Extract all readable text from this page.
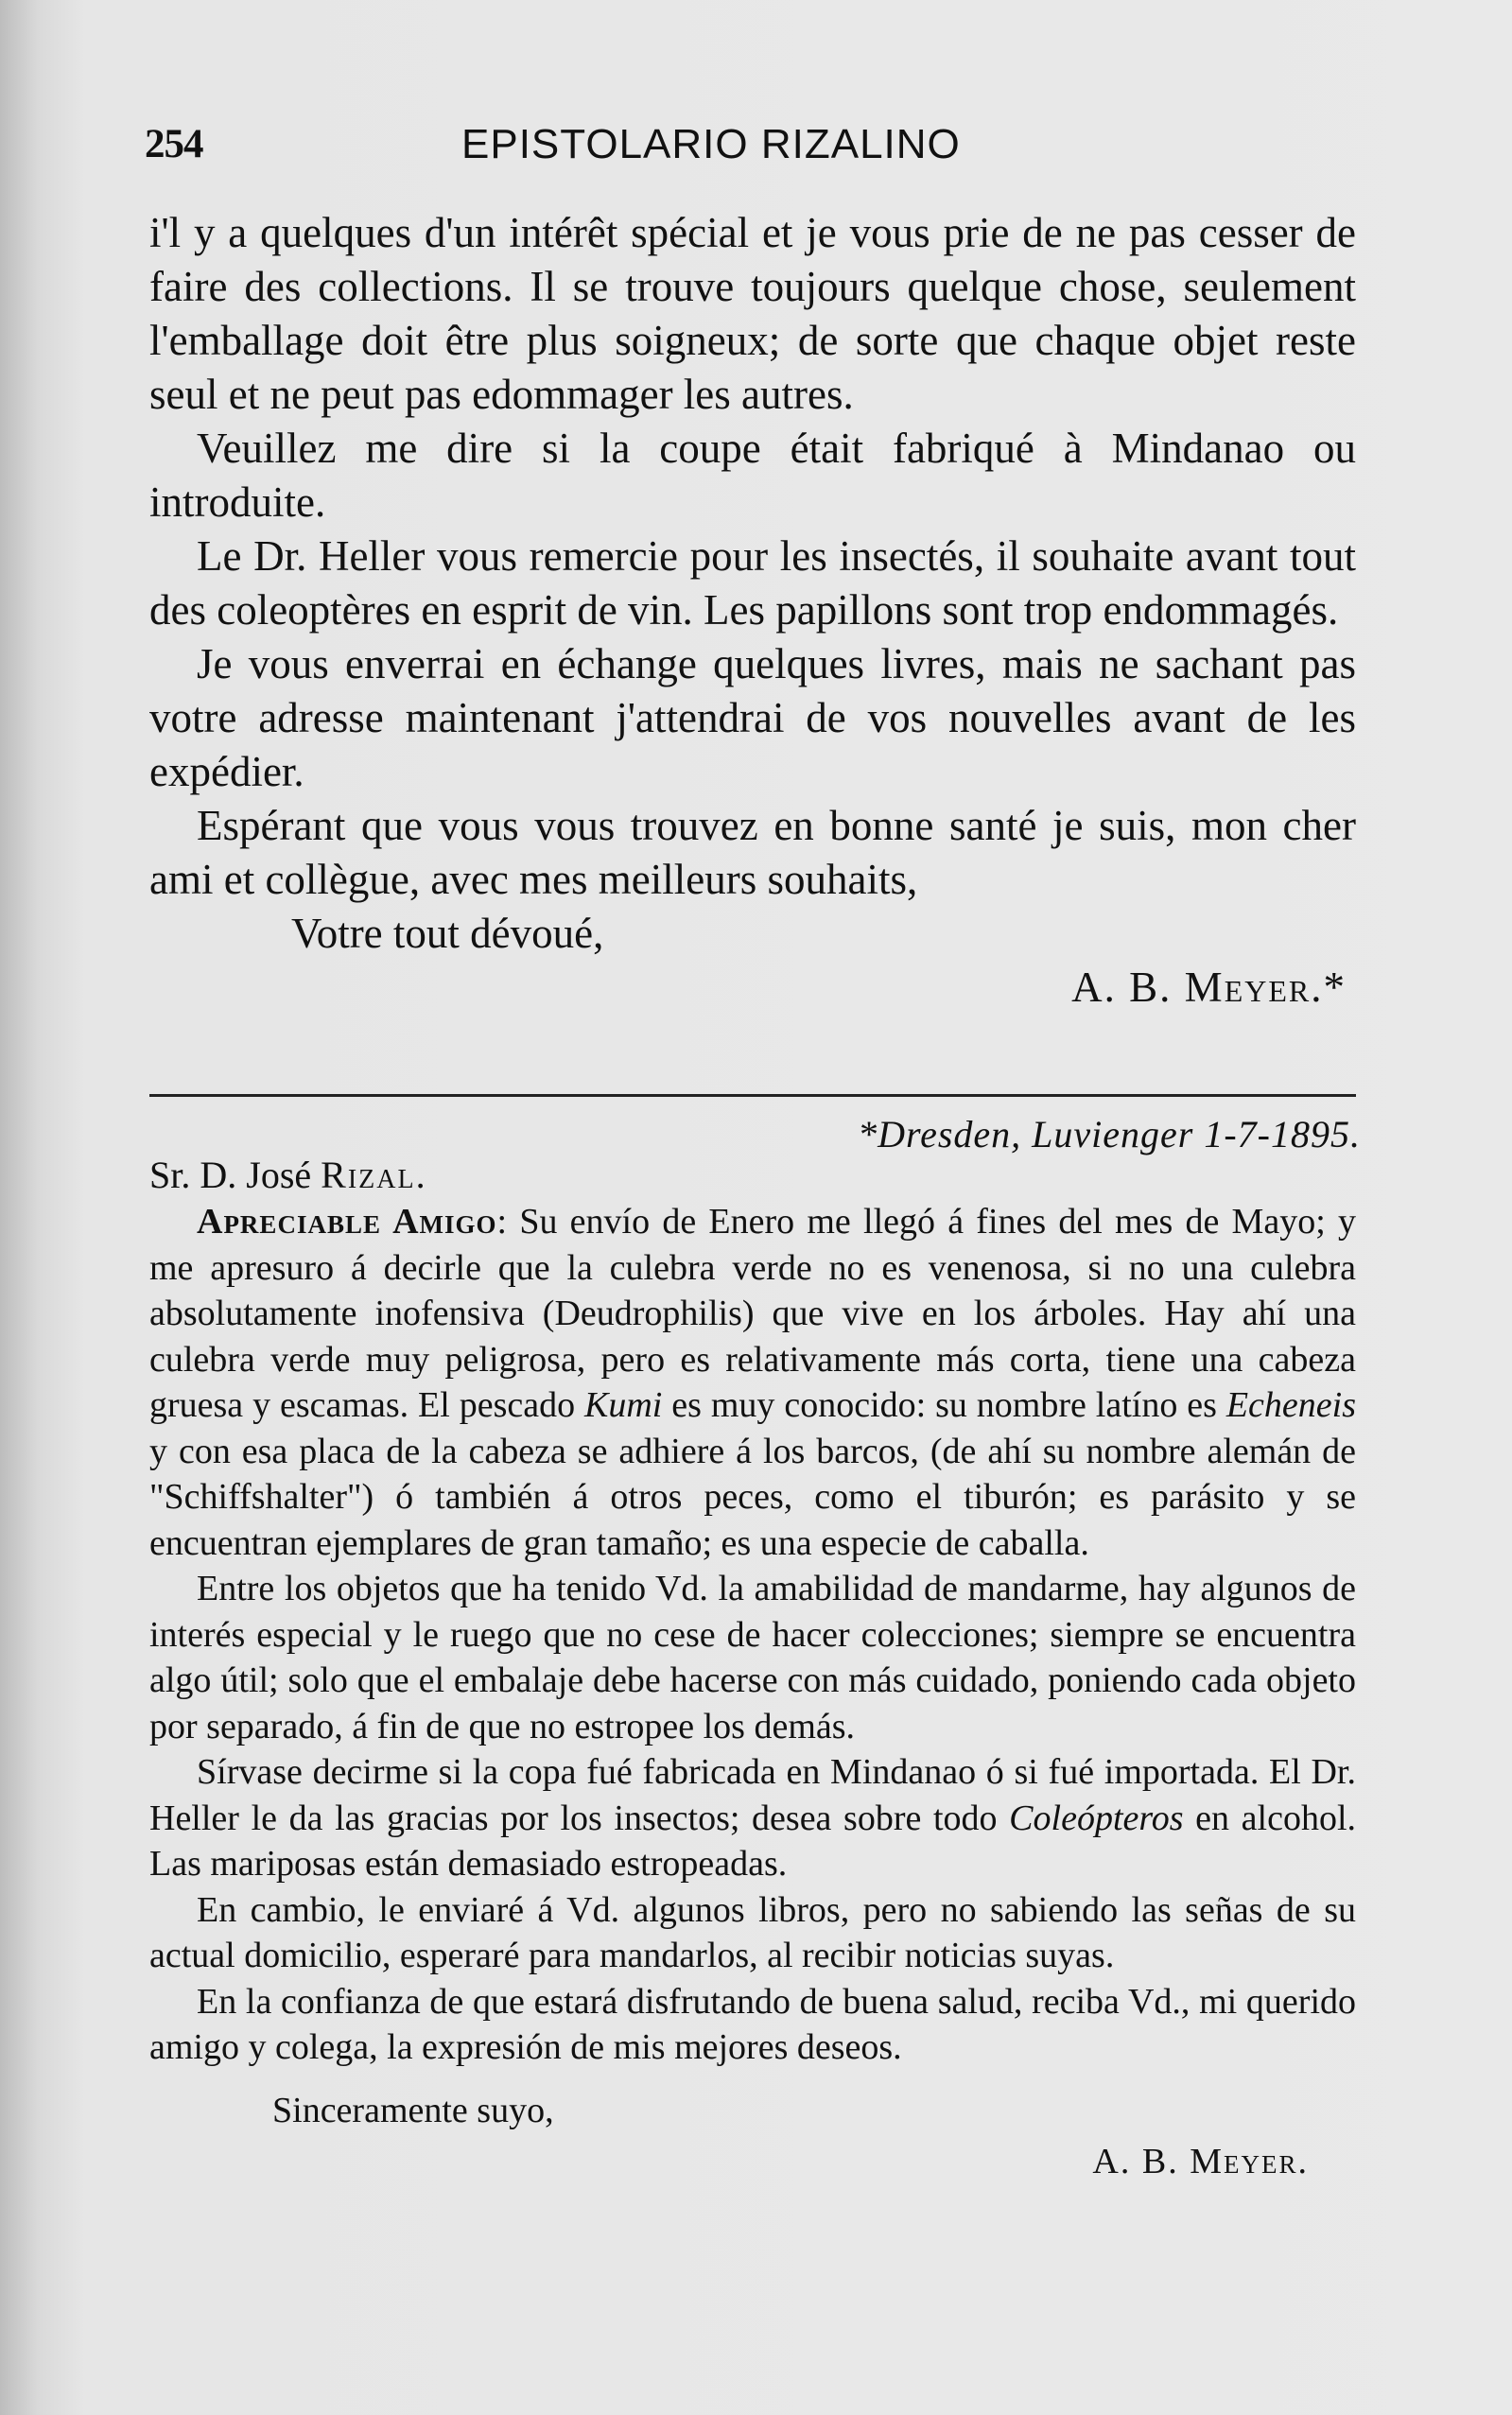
254	EPISTOLARIO RIZALINO

i'l y a quelques d'un intérêt spécial et je vous prie de ne pas cesser de faire des collections. Il se trouve toujours quelque chose, seulement l'emballage doit être plus soigneux; de sorte que chaque objet reste seul et ne peut pas edommager les autres.

Veuillez me dire si la coupe était fabriqué à Mindanao ou introduite.

Le Dr. Heller vous remercie pour les insectés, il souhaite avant tout des coleoptères en esprit de vin. Les papillons sont trop endommagés.

Je vous enverrai en échange quelques livres, mais ne sachant pas votre adresse maintenant j'attendrai de vos nouvelles avant de les expédier.

Espérant que vous vous trouvez en bonne santé je suis, mon cher ami et collègue, avec mes meilleurs souhaits,

Votre tout dévoué,
A. B. Meyer.*
*Dresden, Luvienger 1-7-1895.
Sr. D. José Rizal.

Apreciable Amigo: Su envío de Enero me llegó á fines del mes de Mayo; y me apresuro á decirle que la culebra verde no es venenosa, si no una culebra absolutamente inofensiva (Deudrophilis) que vive en los árboles. Hay ahí una culebra verde muy peligrosa, pero es relativamente más corta, tiene una cabeza gruesa y escamas. El pescado Kumi es muy conocido: su nombre latíno es Echeneis y con esa placa de la cabeza se adhiere á los barcos, (de ahí su nombre alemán de "Schiffshalter") ó también á otros peces, como el tiburón; es parásito y se encuentran ejemplares de gran tamaño; es una especie de caballa.

Entre los objetos que ha tenido Vd. la amabilidad de mandarme, hay algunos de interés especial y le ruego que no cese de hacer colecciones; siempre se encuentra algo útil; solo que el embalaje debe hacerse con más cuidado, poniendo cada objeto por separado, á fin de que no estropee los demás.

Sírvase decirme si la copa fué fabricada en Mindanao ó si fué importada. El Dr. Heller le da las gracias por los insectos; desea sobre todo Coleópteros en alcohol. Las mariposas están demasiado estropeadas.

En cambio, le enviaré á Vd. algunos libros, pero no sabiendo las señas de su actual domicilio, esperaré para mandarlos, al recibir noticias suyas.

En la confianza de que estará disfrutando de buena salud, reciba Vd., mi querido amigo y colega, la expresión de mis mejores deseos.

Sinceramente suyo,
A. B. Meyer.
